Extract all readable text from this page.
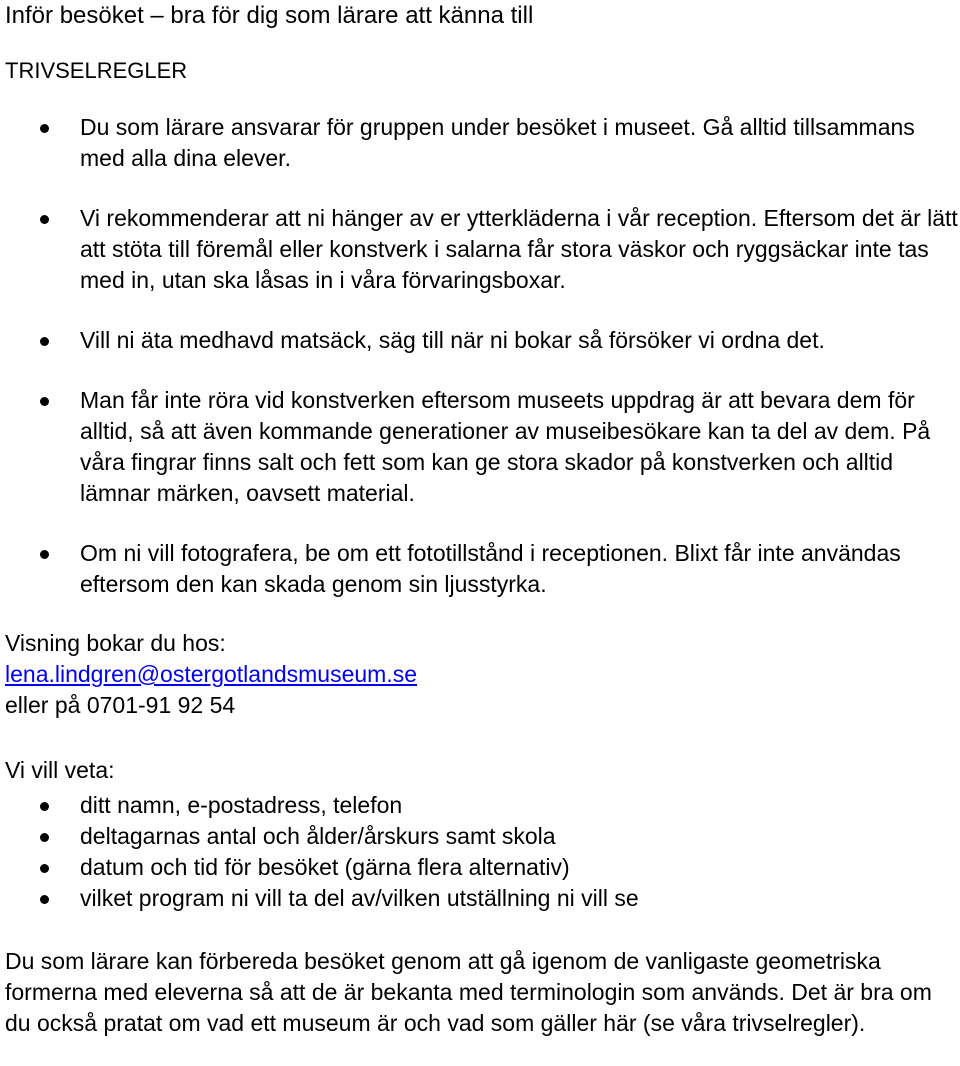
Inför besöket – bra för dig som lärare att känna till
TRIVSELREGLER
Du som lärare ansvarar för gruppen under besöket i museet. Gå alltid tillsammans med alla dina elever.
Vi rekommenderar att ni hänger av er ytterkläderna i vår reception. Eftersom det är lätt att stöta till föremål eller konstverk i salarna får stora väskor och ryggsäckar inte tas med in, utan ska låsas in i våra förvaringsboxar.
Vill ni äta medhavd matsäck, säg till när ni bokar så försöker vi ordna det.
Man får inte röra vid konstverken eftersom museets uppdrag är att bevara dem för alltid, så att även kommande generationer av museibesökare kan ta del av dem. På våra fingrar finns salt och fett som kan ge stora skador på konstverken och alltid lämnar märken, oavsett material.
Om ni vill fotografera, be om ett fototillstånd i receptionen. Blixt får inte användas eftersom den kan skada genom sin ljusstyrka.
Visning bokar du hos:
lena.lindgren@ostergotlandsmuseum.se
eller på 0701-91 92 54
Vi vill veta:
ditt namn, e-postadress, telefon
deltagarnas antal och ålder/årskurs samt skola
datum och tid för besöket (gärna flera alternativ)
vilket program ni vill ta del av/vilken utställning ni vill se

Du som lärare kan förbereda besöket genom att gå igenom de vanligaste geometriska formerna med eleverna så att de är bekanta med terminologin som används. Det är bra om du också pratat om vad ett museum är och vad som gäller här (se våra trivselregler).
